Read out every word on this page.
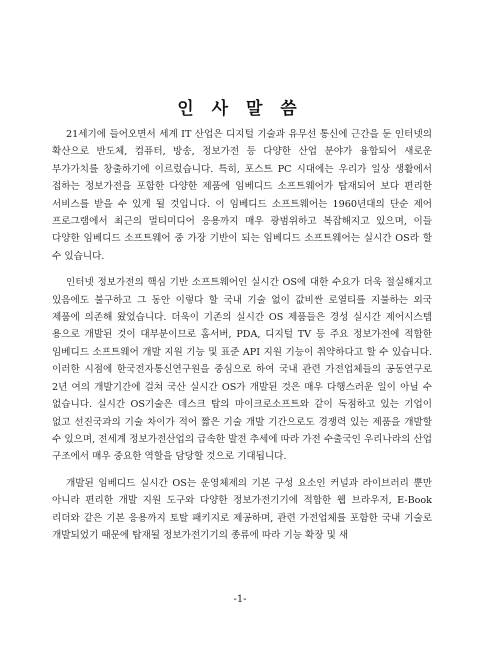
인 사 말 씀

21세기에 들어오면서 세계 IT 산업은 디지털 기술과 유무선 통신에 근간을 둔 인터넷의 확산으로 반도체, 컴퓨터, 방송, 정보가전 등 다양한 산업 분야가 융합되어 새로운 부가가치를 창출하기에 이르렀습니다. 특히, 포스트 PC 시대에는 우리가 일상 생활에서 접하는 정보가전을 포함한 다양한 제품에 임베디드 소프트웨어가 탑재되어 보다 편리한 서비스를 받을 수 있게 될 것입니다. 이 임베디드 소프트웨어는 1960년대의 단순 제어 프로그램에서 최근의 멀티미디어 응용까지 매우 광범위하고 복잡해지고 있으며, 이들 다양한 임베디드 소프트웨어 중 가장 기반이 되는 임베디드 소프트웨어는 실시간 OS라 할 수 있습니다.

인터넷 정보가전의 핵심 기반 소프트웨어인 실시간 OS에 대한 수요가 더욱 절실해지고 있음에도 불구하고 그 동안 이렇다 할 국내 기술 없이 값비싼 로열티를 지불하는 외국 제품에 의존해 왔었습니다. 더욱이 기존의 실시간 OS 제품들은 경성 실시간 제어시스템 용으로 개발된 것이 대부분이므로 홈서버, PDA, 디지털 TV 등 주요 정보가전에 적합한 임베디드 소프트웨어 개발 지원 기능 및 표준 API 지원 기능이 취약하다고 할 수 있습니다. 이러한 시점에 한국전자통신연구원을 중심으로 하여 국내 관련 가전업체들의 공동연구로 2년 여의 개발기간에 걸쳐 국산 실시간 OS가 개발된 것은 매우 다행스러운 일이 아닐 수 없습니다. 실시간 OS기술은 데스크 탑의 마이크로소프트와 같이 독점하고 있는 기업이 없고 선진국과의 기술 차이가 적어 짧은 기술 개발 기간으로도 경쟁력 있는 제품을 개발할 수 있으며, 전세계 정보가전산업의 급속한 발전 추세에 따라 가전 수출국인 우리나라의 산업 구조에서 매우 중요한 역할을 담당할 것으로 기대됩니다.

개발된 임베디드 실시간 OS는 운영체제의 기본 구성 요소인 커널과 라이브러리 뿐만 아니라 편리한 개발 지원 도구와 다양한 정보가전기기에 적합한 웹 브라우저, E-Book 리더와 같은 기본 응용까지 토탈 패키지로 제공하며, 관련 가전업체를 포함한 국내 기술로 개발되었기 때문에 탑재될 정보가전기기의 종류에 따라 기능 확장 및 새

-1-
